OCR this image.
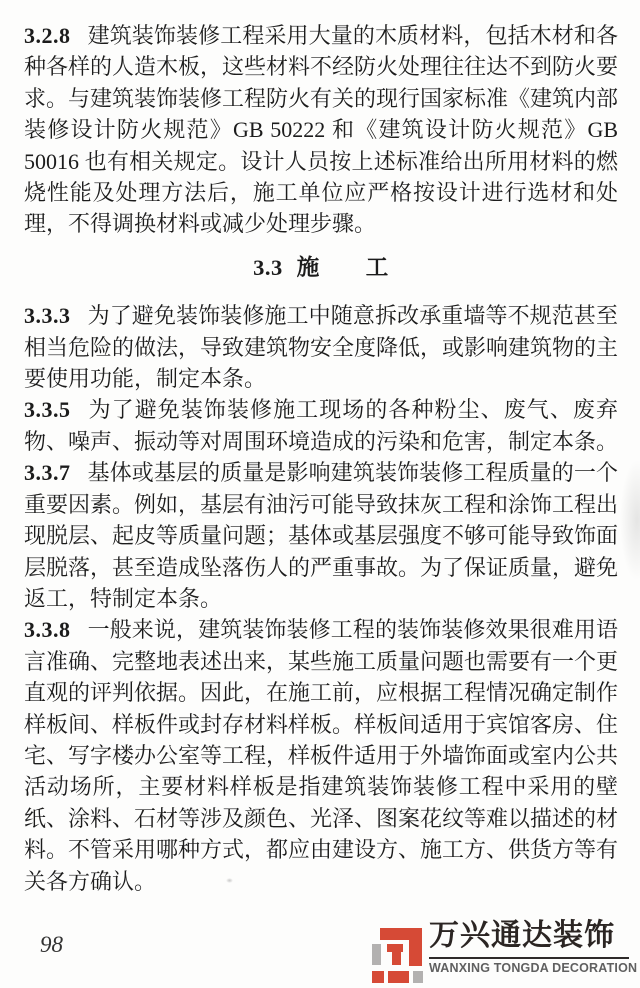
3.2.8 建筑装饰装修工程采用大量的木质材料，包括木材和各种各样的人造木板，这些材料不经防火处理往往达不到防火要求。与建筑装饰装修工程防火有关的现行国家标准《建筑内部装修设计防火规范》GB 50222 和《建筑设计防火规范》GB 50016 也有相关规定。设计人员按上述标准给出所用材料的燃烧性能及处理方法后，施工单位应严格按设计进行选材和处理，不得调换材料或减少处理步骤。

3.3 施　　工

3.3.3 为了避免装饰装修施工中随意拆改承重墙等不规范甚至相当危险的做法，导致建筑物安全度降低，或影响建筑物的主要使用功能，制定本条。

3.3.5 为了避免装饰装修施工现场的各种粉尘、废气、废弃物、噪声、振动等对周围环境造成的污染和危害，制定本条。

3.3.7 基体或基层的质量是影响建筑装饰装修工程质量的一个重要因素。例如，基层有油污可能导致抹灰工程和涂饰工程出现脱层、起皮等质量问题；基体或基层强度不够可能导致饰面层脱落，甚至造成坠落伤人的严重事故。为了保证质量，避免返工，特制定本条。

3.3.8 一般来说，建筑装饰装修工程的装饰装修效果很难用语言准确、完整地表述出来，某些施工质量问题也需要有一个更直观的评判依据。因此，在施工前，应根据工程情况确定制作样板间、样板件或封存材料样板。样板间适用于宾馆客房、住宅、写字楼办公室等工程，样板件适用于外墙饰面或室内公共活动场所，主要材料样板是指建筑装饰装修工程中采用的壁纸、涂料、石材等涉及颜色、光泽、图案花纹等难以描述的材料。不管采用哪种方式，都应由建设方、施工方、供货方等有关各方确认。

98	万兴通达装饰
WANXING TONGDA DECORATION
